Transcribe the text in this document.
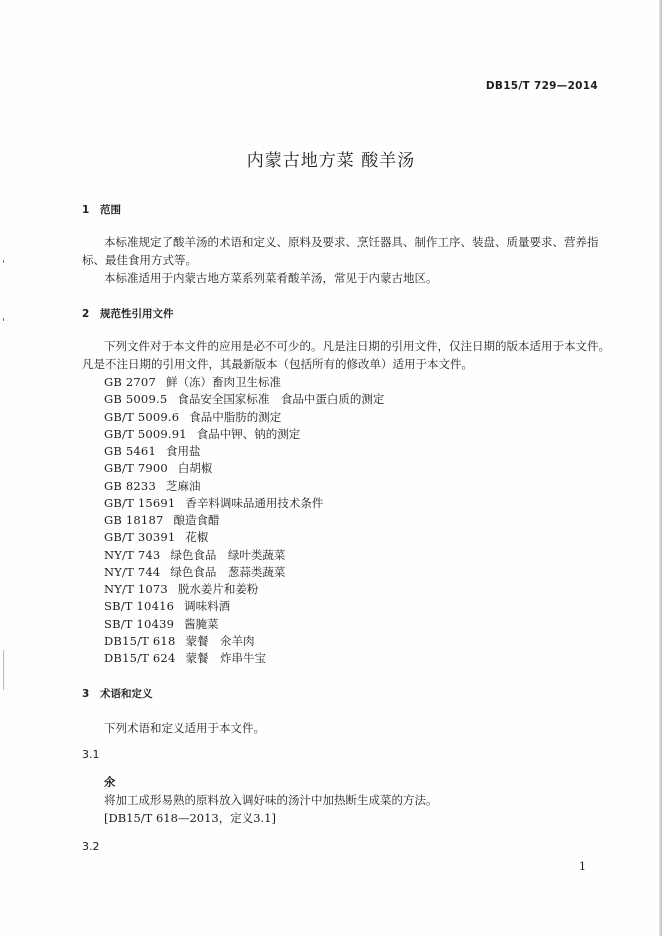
DB15/T 729—2014
内蒙古地方菜 酸羊汤
1 范围
本标准规定了酸羊汤的术语和定义、原料及要求、烹饪器具、制作工序、装盘、质量要求、营养指
标、最佳食用方式等。
本标准适用于内蒙古地方菜系列菜肴酸羊汤，常见于内蒙古地区。
2 规范性引用文件
下列文件对于本文件的应用是必不可少的。凡是注日期的引用文件，仅注日期的版本适用于本文件。
凡是不注日期的引用文件，其最新版本（包括所有的修改单）适用于本文件。
GB 2707 鲜（冻）畜肉卫生标准
GB 5009.5 食品安全国家标准　食品中蛋白质的测定
GB/T 5009.6 食品中脂肪的测定
GB/T 5009.91 食品中钾、钠的测定
GB 5461 食用盐
GB/T 7900 白胡椒
GB 8233 芝麻油
GB/T 15691 香辛料调味品通用技术条件
GB 18187 酿造食醋
GB/T 30391 花椒
NY/T 743 绿色食品　绿叶类蔬菜
NY/T 744 绿色食品　葱蒜类蔬菜
NY/T 1073 脱水姜片和姜粉
SB/T 10416 调味料酒
SB/T 10439 酱腌菜
DB15/T 618 蒙餐　氽羊肉
DB15/T 624 蒙餐　炸串牛宝
3 术语和定义
下列术语和定义适用于本文件。
3.1
氽
将加工成形易熟的原料放入调好味的汤汁中加热断生成菜的方法。
[DB15/T 618—2013，定义3.1]
3.2
1
